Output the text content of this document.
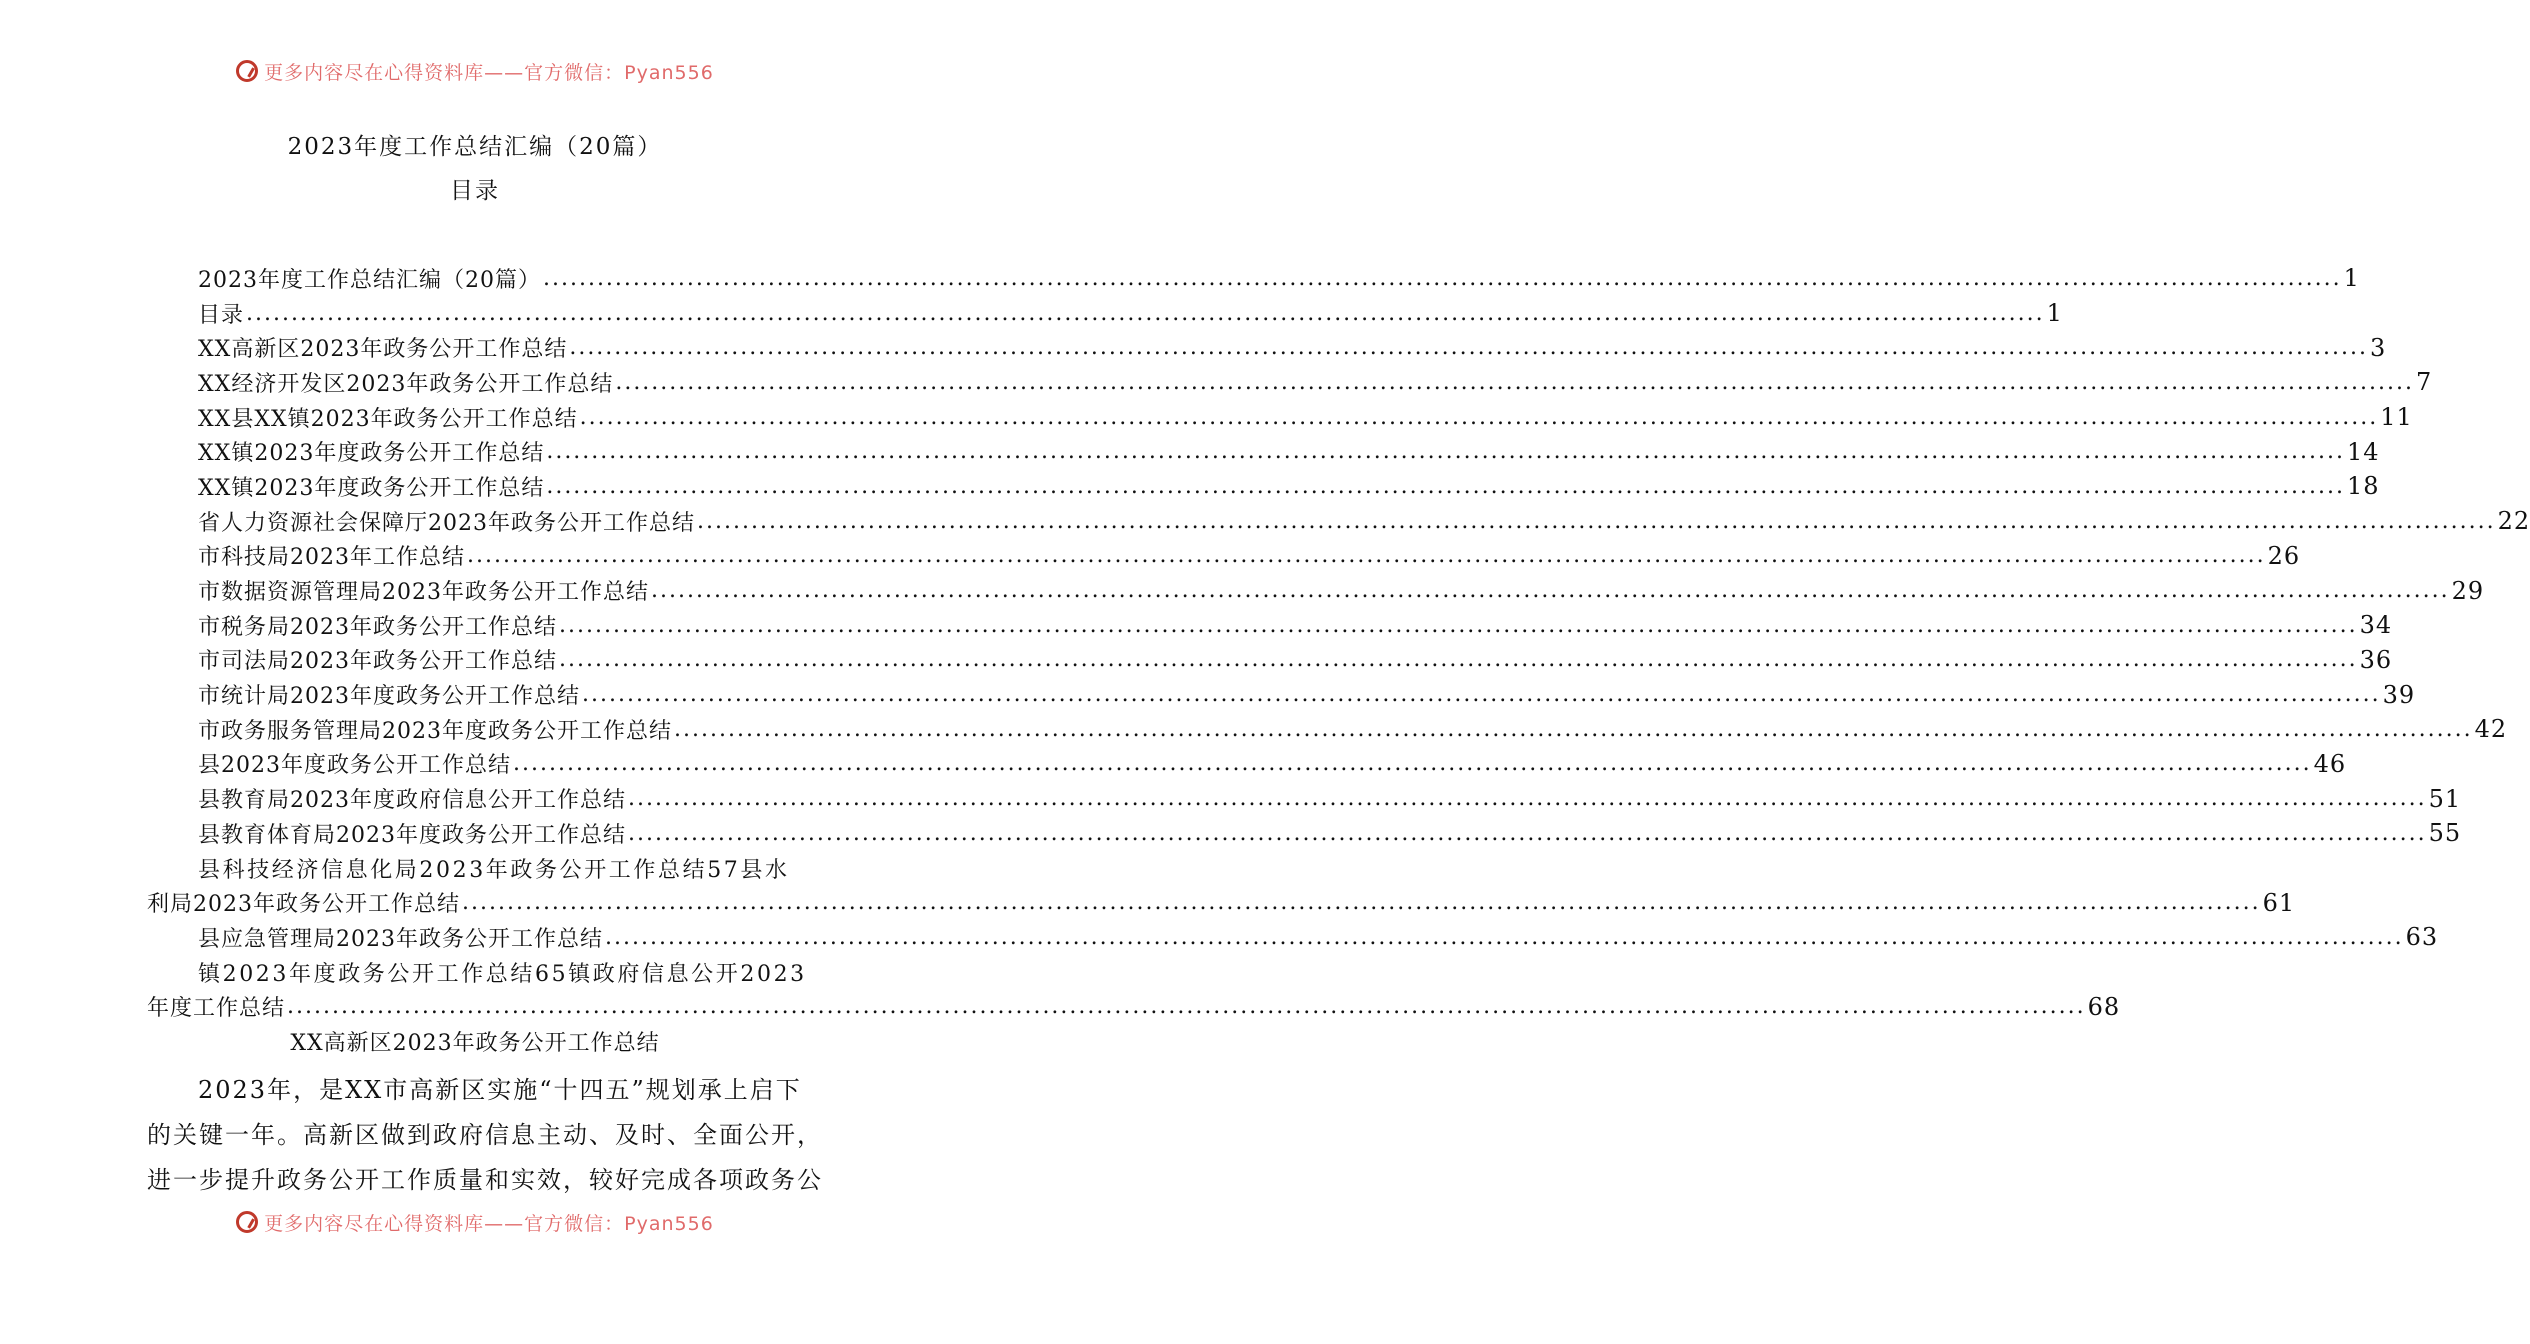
更多内容尽在心得资料库——官方微信：Pyan556
2023年度工作总结汇编（20篇）
目录
2023年度工作总结汇编（20篇） ........................................................................................................................................................................................................ 1
目录 ........................................................................................................................................................................................................ 1
XX高新区2023年政务公开工作总结 ........................................................................................................................................................................................................ 3
XX经济开发区2023年政务公开工作总结 ........................................................................................................................................................................................................ 7
XX县XX镇2023年政务公开工作总结 ........................................................................................................................................................................................................ 11
XX镇2023年度政务公开工作总结 ........................................................................................................................................................................................................ 14
XX镇2023年度政务公开工作总结 ........................................................................................................................................................................................................ 18
省人力资源社会保障厅2023年政务公开工作总结 ........................................................................................................................................................................................................ 22
市科技局2023年工作总结 ........................................................................................................................................................................................................ 26
市数据资源管理局2023年政务公开工作总结 ........................................................................................................................................................................................................ 29
市税务局2023年政务公开工作总结 ........................................................................................................................................................................................................ 34
市司法局2023年政务公开工作总结 ........................................................................................................................................................................................................ 36
市统计局2023年度政务公开工作总结 ........................................................................................................................................................................................................ 39
市政务服务管理局2023年度政务公开工作总结 ........................................................................................................................................................................................................ 42
县2023年度政务公开工作总结 ........................................................................................................................................................................................................ 46
县教育局2023年度政府信息公开工作总结 ........................................................................................................................................................................................................ 51
县教育体育局2023年度政务公开工作总结 ........................................................................................................................................................................................................ 55
县科技经济信息化局2023年政务公开工作总结57县水
利局2023年政务公开工作总结 ........................................................................................................................................................................................................ 61
县应急管理局2023年政务公开工作总结 ........................................................................................................................................................................................................ 63
镇2023年度政务公开工作总结65镇政府信息公开2023
年度工作总结 ........................................................................................................................................................................................................ 68
XX高新区2023年政务公开工作总结
2023年，是XX市高新区实施“十四五”规划承上启下
的关键一年。高新区做到政府信息主动、及时、全面公开，
进一步提升政务公开工作质量和实效，较好完成各项政务公
更多内容尽在心得资料库——官方微信：Pyan556
